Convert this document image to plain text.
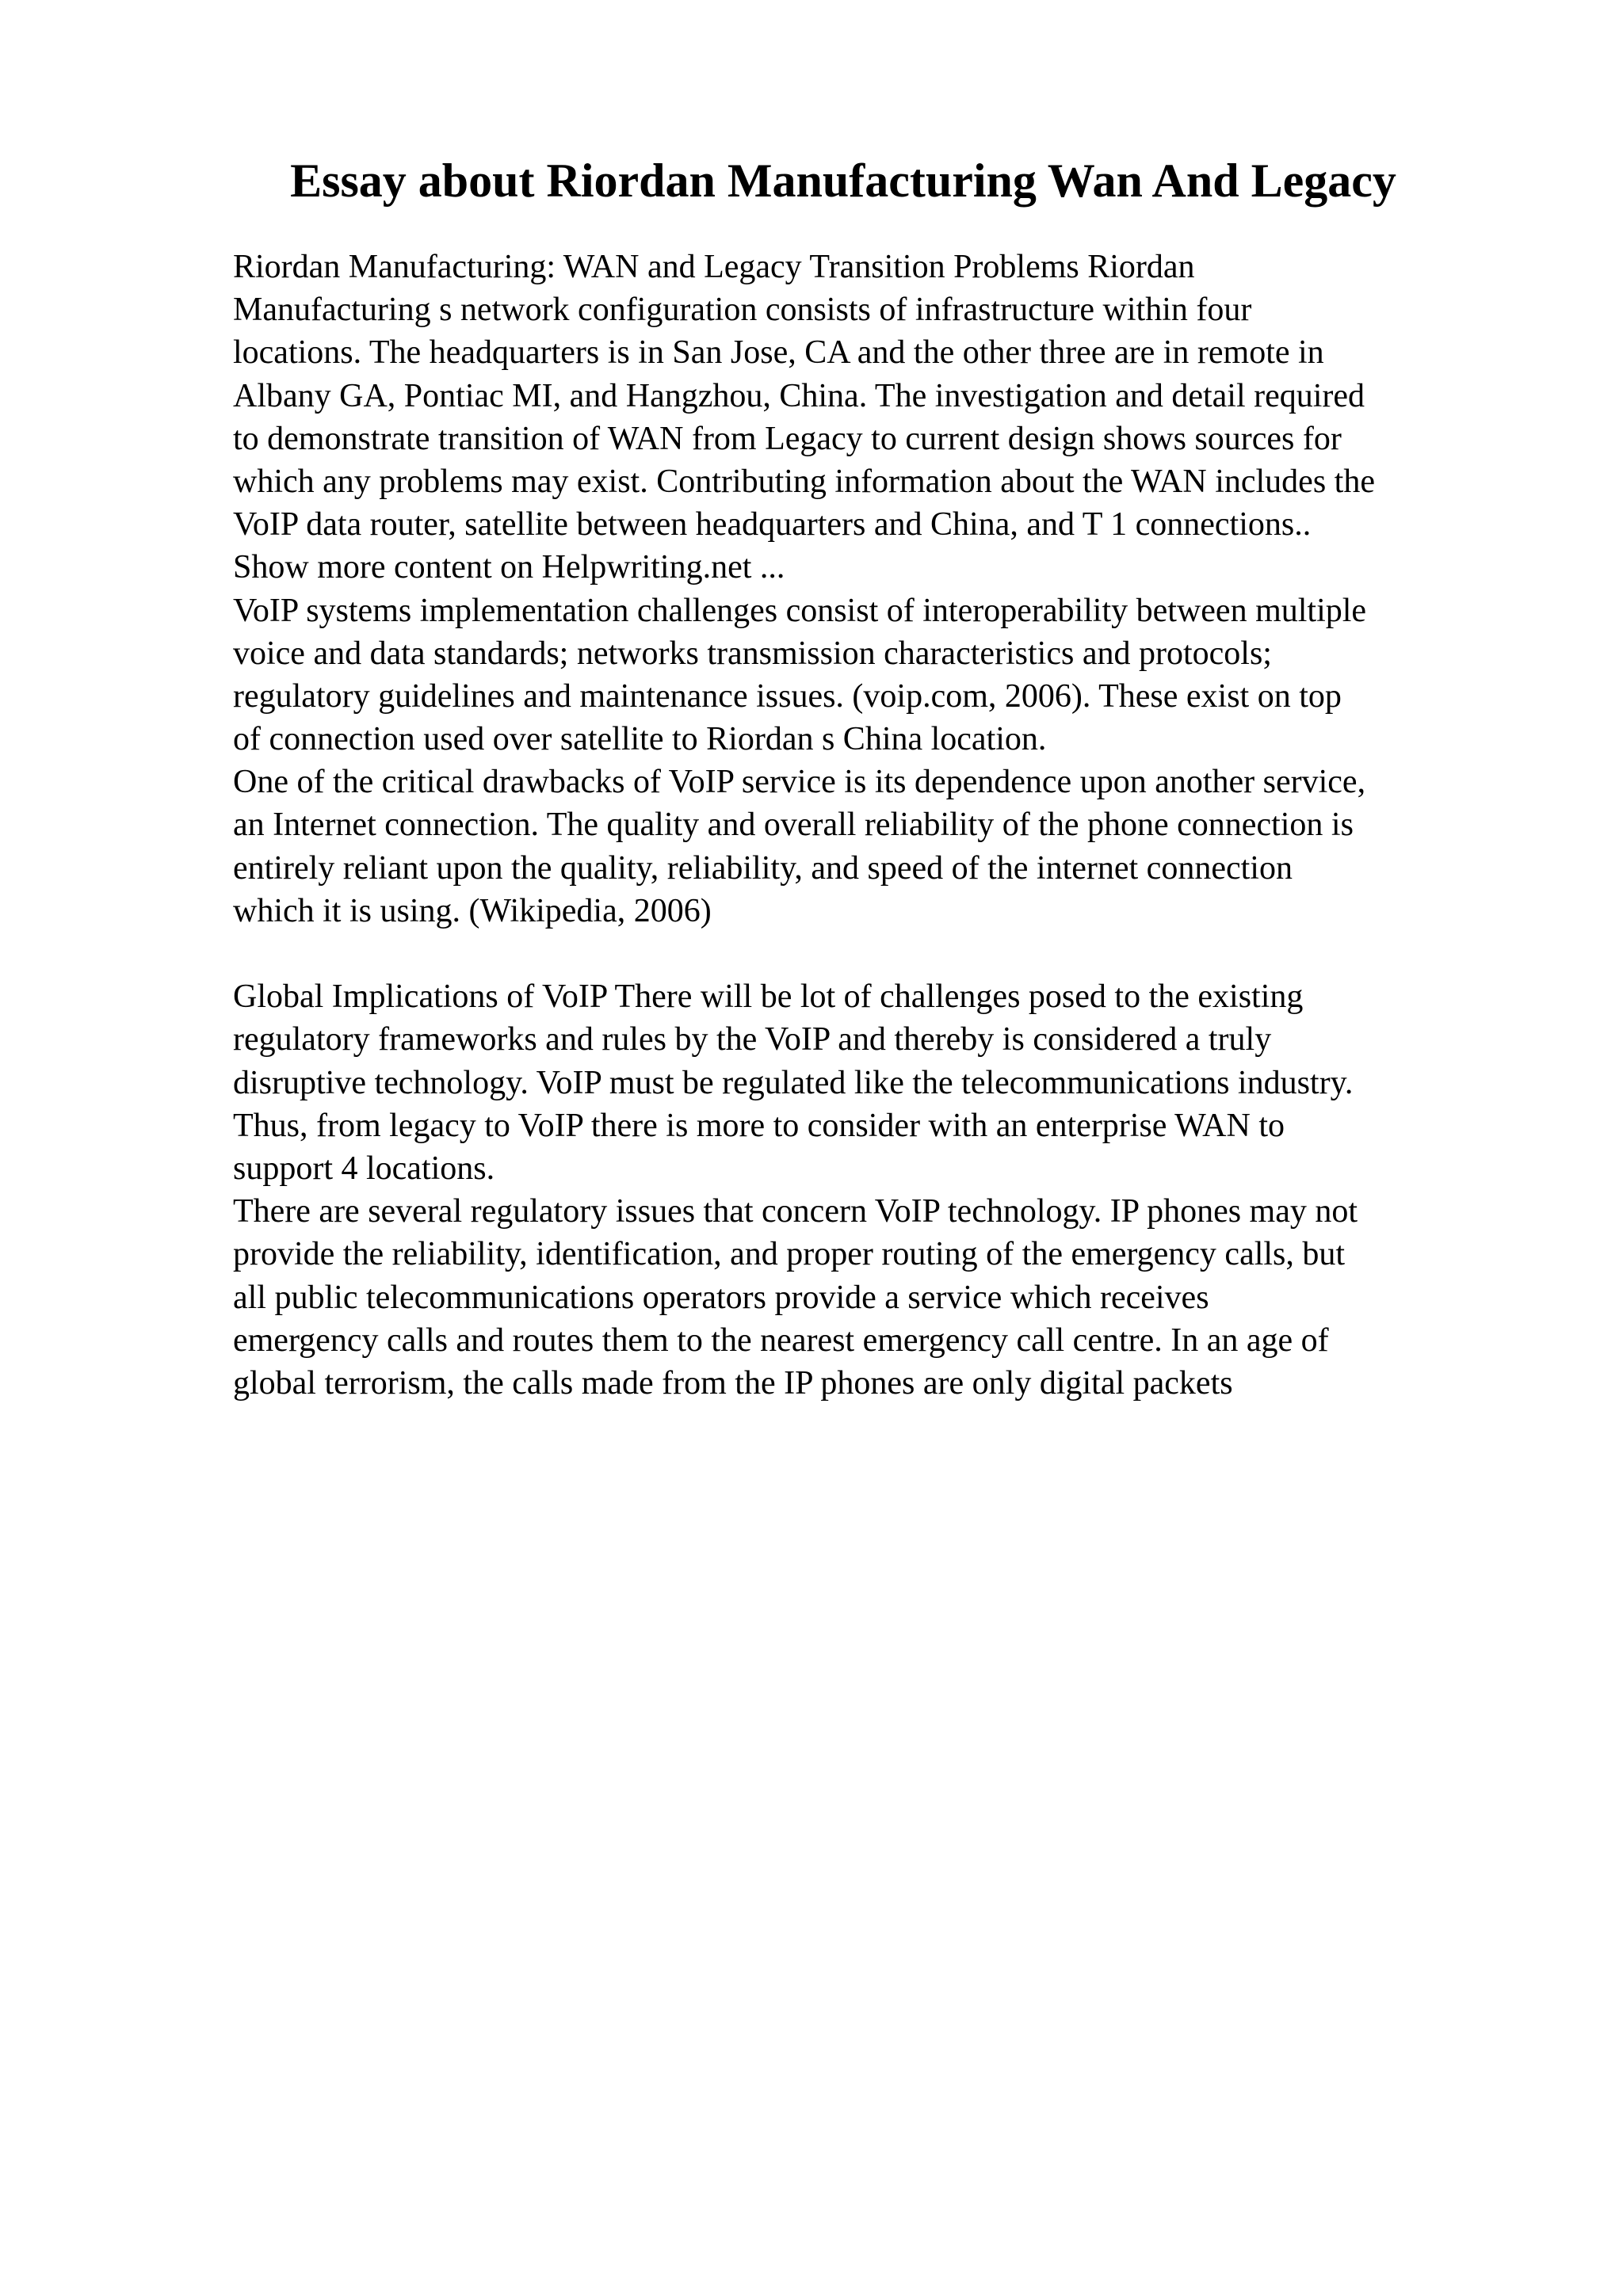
Essay about Riordan Manufacturing Wan And Legacy
Riordan Manufacturing: WAN and Legacy Transition Problems Riordan
Manufacturing s network configuration consists of infrastructure within four
locations. The headquarters is in San Jose, CA and the other three are in remote in
Albany GA, Pontiac MI, and Hangzhou, China. The investigation and detail required
to demonstrate transition of WAN from Legacy to current design shows sources for
which any problems may exist. Contributing information about the WAN includes the
VoIP data router, satellite between headquarters and China, and T 1 connections..
Show more content on Helpwriting.net ...
VoIP systems implementation challenges consist of interoperability between multiple
voice and data standards; networks transmission characteristics and protocols;
regulatory guidelines and maintenance issues. (voip.com, 2006). These exist on top
of connection used over satellite to Riordan s China location.
One of the critical drawbacks of VoIP service is its dependence upon another service,
an Internet connection. The quality and overall reliability of the phone connection is
entirely reliant upon the quality, reliability, and speed of the internet connection
which it is using. (Wikipedia, 2006)
Global Implications of VoIP There will be lot of challenges posed to the existing
regulatory frameworks and rules by the VoIP and thereby is considered a truly
disruptive technology. VoIP must be regulated like the telecommunications industry.
Thus, from legacy to VoIP there is more to consider with an enterprise WAN to
support 4 locations.
There are several regulatory issues that concern VoIP technology. IP phones may not
provide the reliability, identification, and proper routing of the emergency calls, but
all public telecommunications operators provide a service which receives
emergency calls and routes them to the nearest emergency call centre. In an age of
global terrorism, the calls made from the IP phones are only digital packets
